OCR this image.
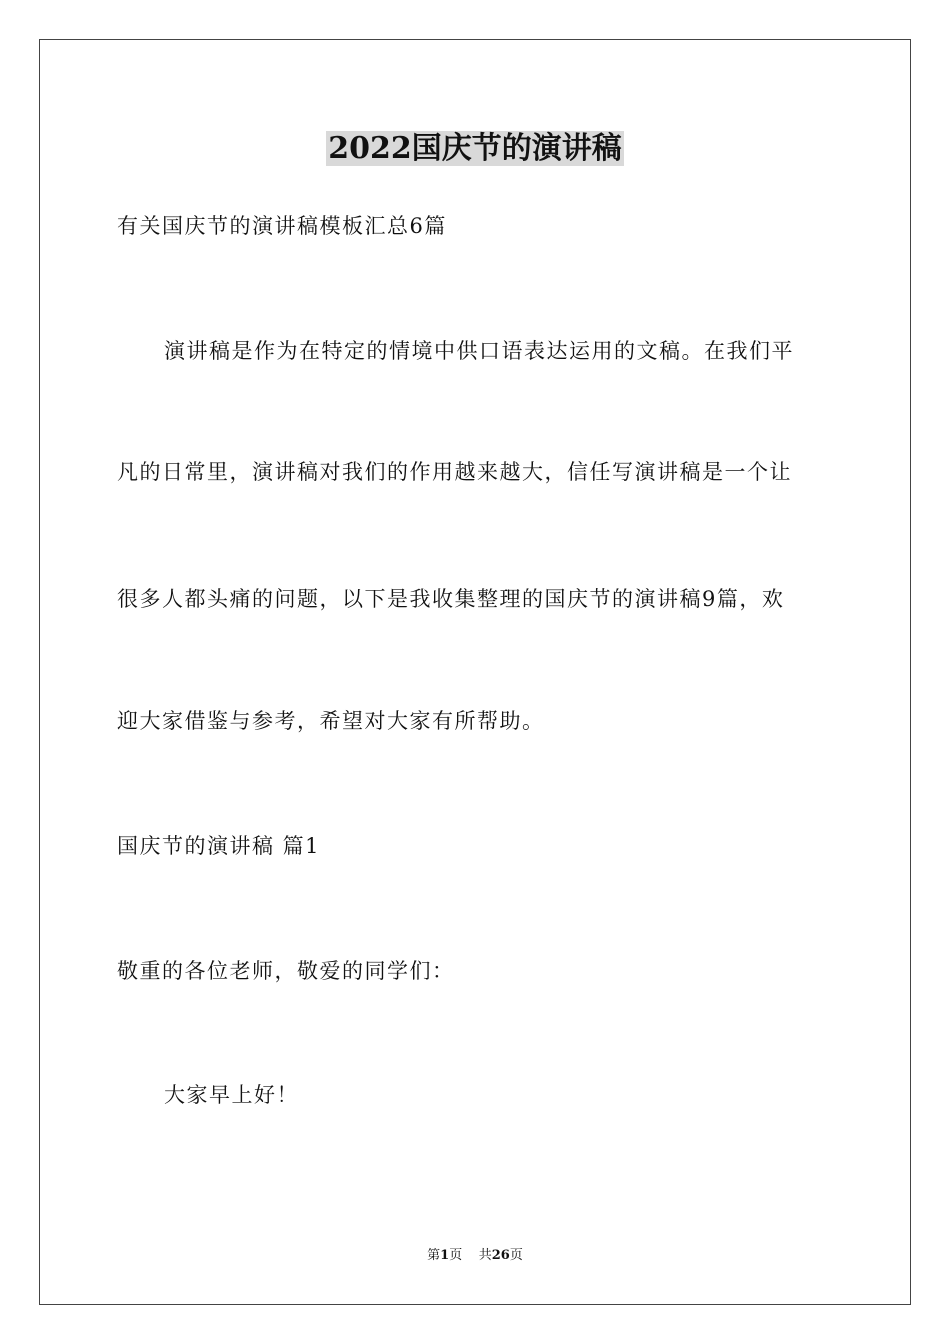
2022国庆节的演讲稿
有关国庆节的演讲稿模板汇总6篇
演讲稿是作为在特定的情境中供口语表达运用的文稿。在我们平
凡的日常里，演讲稿对我们的作用越来越大，信任写演讲稿是一个让
很多人都头痛的问题，以下是我收集整理的国庆节的演讲稿9篇，欢
迎大家借鉴与参考，希望对大家有所帮助。
国庆节的演讲稿 篇1
敬重的各位老师，敬爱的同学们：
大家早上好！
第1页 共26页
